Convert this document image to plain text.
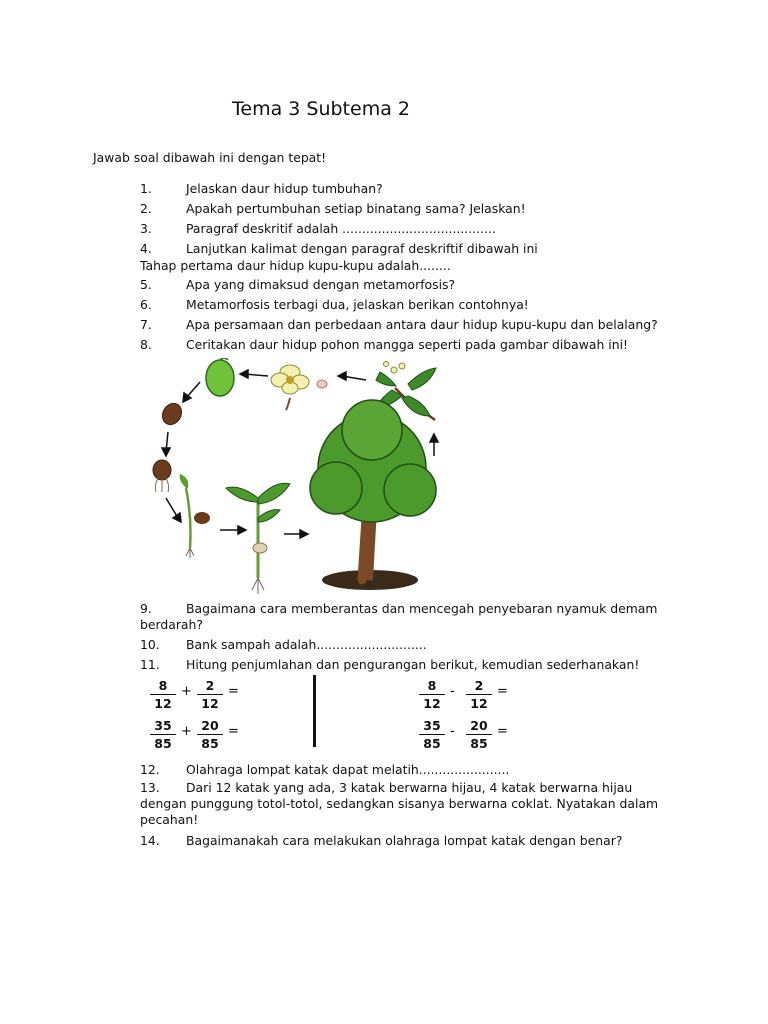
Tema 3 Subtema 2
Jawab soal dibawah ini dengan tepat!
1.	Jelaskan daur hidup tumbuhan?
2.	Apakah pertumbuhan setiap binatang sama? Jelaskan!
3.	Paragraf deskritif adalah .......................................
4.	Lanjutkan kalimat dengan paragraf deskriftif dibawah ini
Tahap pertama daur hidup kupu-kupu adalah........
5.	Apa yang dimaksud dengan metamorfosis?
6.	Metamorfosis terbagi dua, jelaskan berikan contohnya!
7.	Apa persamaan dan perbedaan antara daur hidup kupu-kupu dan belalang?
8.	Ceritakan daur hidup pohon mangga seperti pada gambar dibawah ini!
9.	Bagaimana cara memberantas dan mencegah penyebaran nyamuk demam berdarah?
10.	Bank sampah adalah............................
11.	Hitung penjumlahan dan pengurangan berikut, kemudian sederhanakan!
8
12
+	2
12
=
35
85
+ 20
85
=
8
12
-	2
12
=
35
85
-	20
85
=
12.	Olahraga lompat katak dapat melatih.......................
13.	Dari 12 katak yang ada, 3 katak berwarna hijau, 4 katak berwarna hijau dengan punggung totol-totol, sedangkan sisanya berwarna coklat. Nyatakan dalam pecahan!
14.	Bagaimanakah cara melakukan olahraga lompat katak dengan benar?
